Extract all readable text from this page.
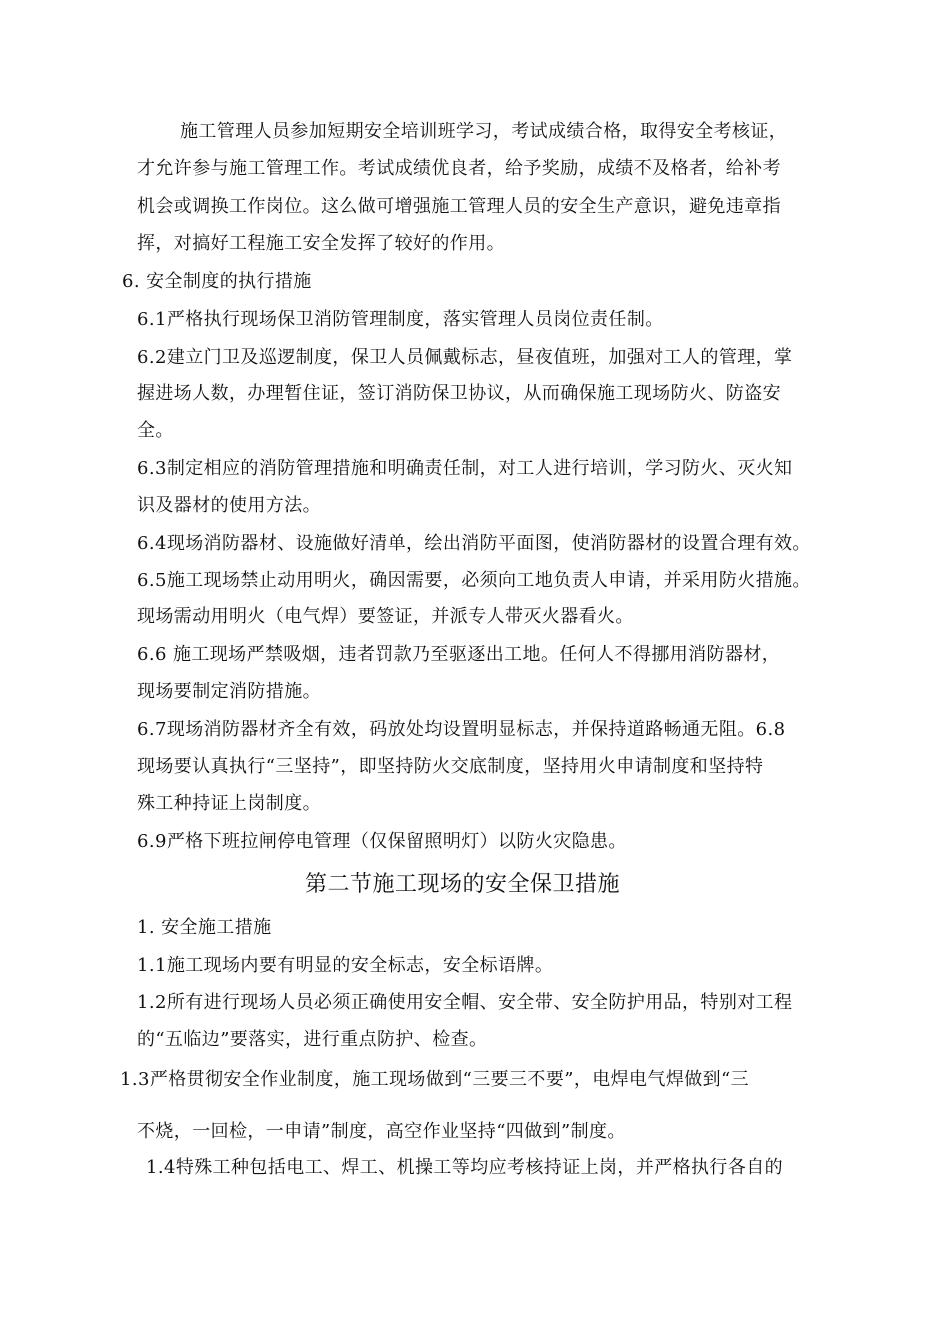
施工管理人员参加短期安全培训班学习，考试成绩合格，取得安全考核证，
才允许参与施工管理工作。考试成绩优良者，给予奖励，成绩不及格者，给补考
机会或调换工作岗位。这么做可增强施工管理人员的安全生产意识，避免违章指
挥，对搞好工程施工安全发挥了较好的作用。
6. 安全制度的执行措施
6.1严格执行现场保卫消防管理制度，落实管理人员岗位责任制。
6.2建立门卫及巡逻制度，保卫人员佩戴标志，昼夜值班，加强对工人的管理，掌
握进场人数，办理暂住证，签订消防保卫协议，从而确保施工现场防火、防盗安
全。
6.3制定相应的消防管理措施和明确责任制，对工人进行培训，学习防火、灭火知
识及器材的使用方法。
6.4现场消防器材、设施做好清单，绘出消防平面图，使消防器材的设置合理有效。
6.5施工现场禁止动用明火，确因需要，必须向工地负责人申请，并采用防火措施。
现场需动用明火（电气焊）要签证，并派专人带灭火器看火。
6.6 施工现场严禁吸烟，违者罚款乃至驱逐出工地。任何人不得挪用消防器材，
现场要制定消防措施。
6.7现场消防器材齐全有效，码放处均设置明显标志，并保持道路畅通无阻。6.8
现场要认真执行“三坚持”，即坚持防火交底制度，坚持用火申请制度和坚持特
殊工种持证上岗制度。
6.9严格下班拉闸停电管理（仅保留照明灯）以防火灾隐患。
第二节施工现场的安全保卫措施
1. 安全施工措施
1.1施工现场内要有明显的安全标志，安全标语牌。
1.2所有进行现场人员必须正确使用安全帽、安全带、安全防护用品，特别对工程
的“五临边”要落实，进行重点防护、检查。
1.3严格贯彻安全作业制度，施工现场做到“三要三不要”，电焊电气焊做到“三
不烧，一回检，一申请”制度，高空作业坚持“四做到”制度。
1.4特殊工种包括电工、焊工、机操工等均应考核持证上岗，并严格执行各自的
